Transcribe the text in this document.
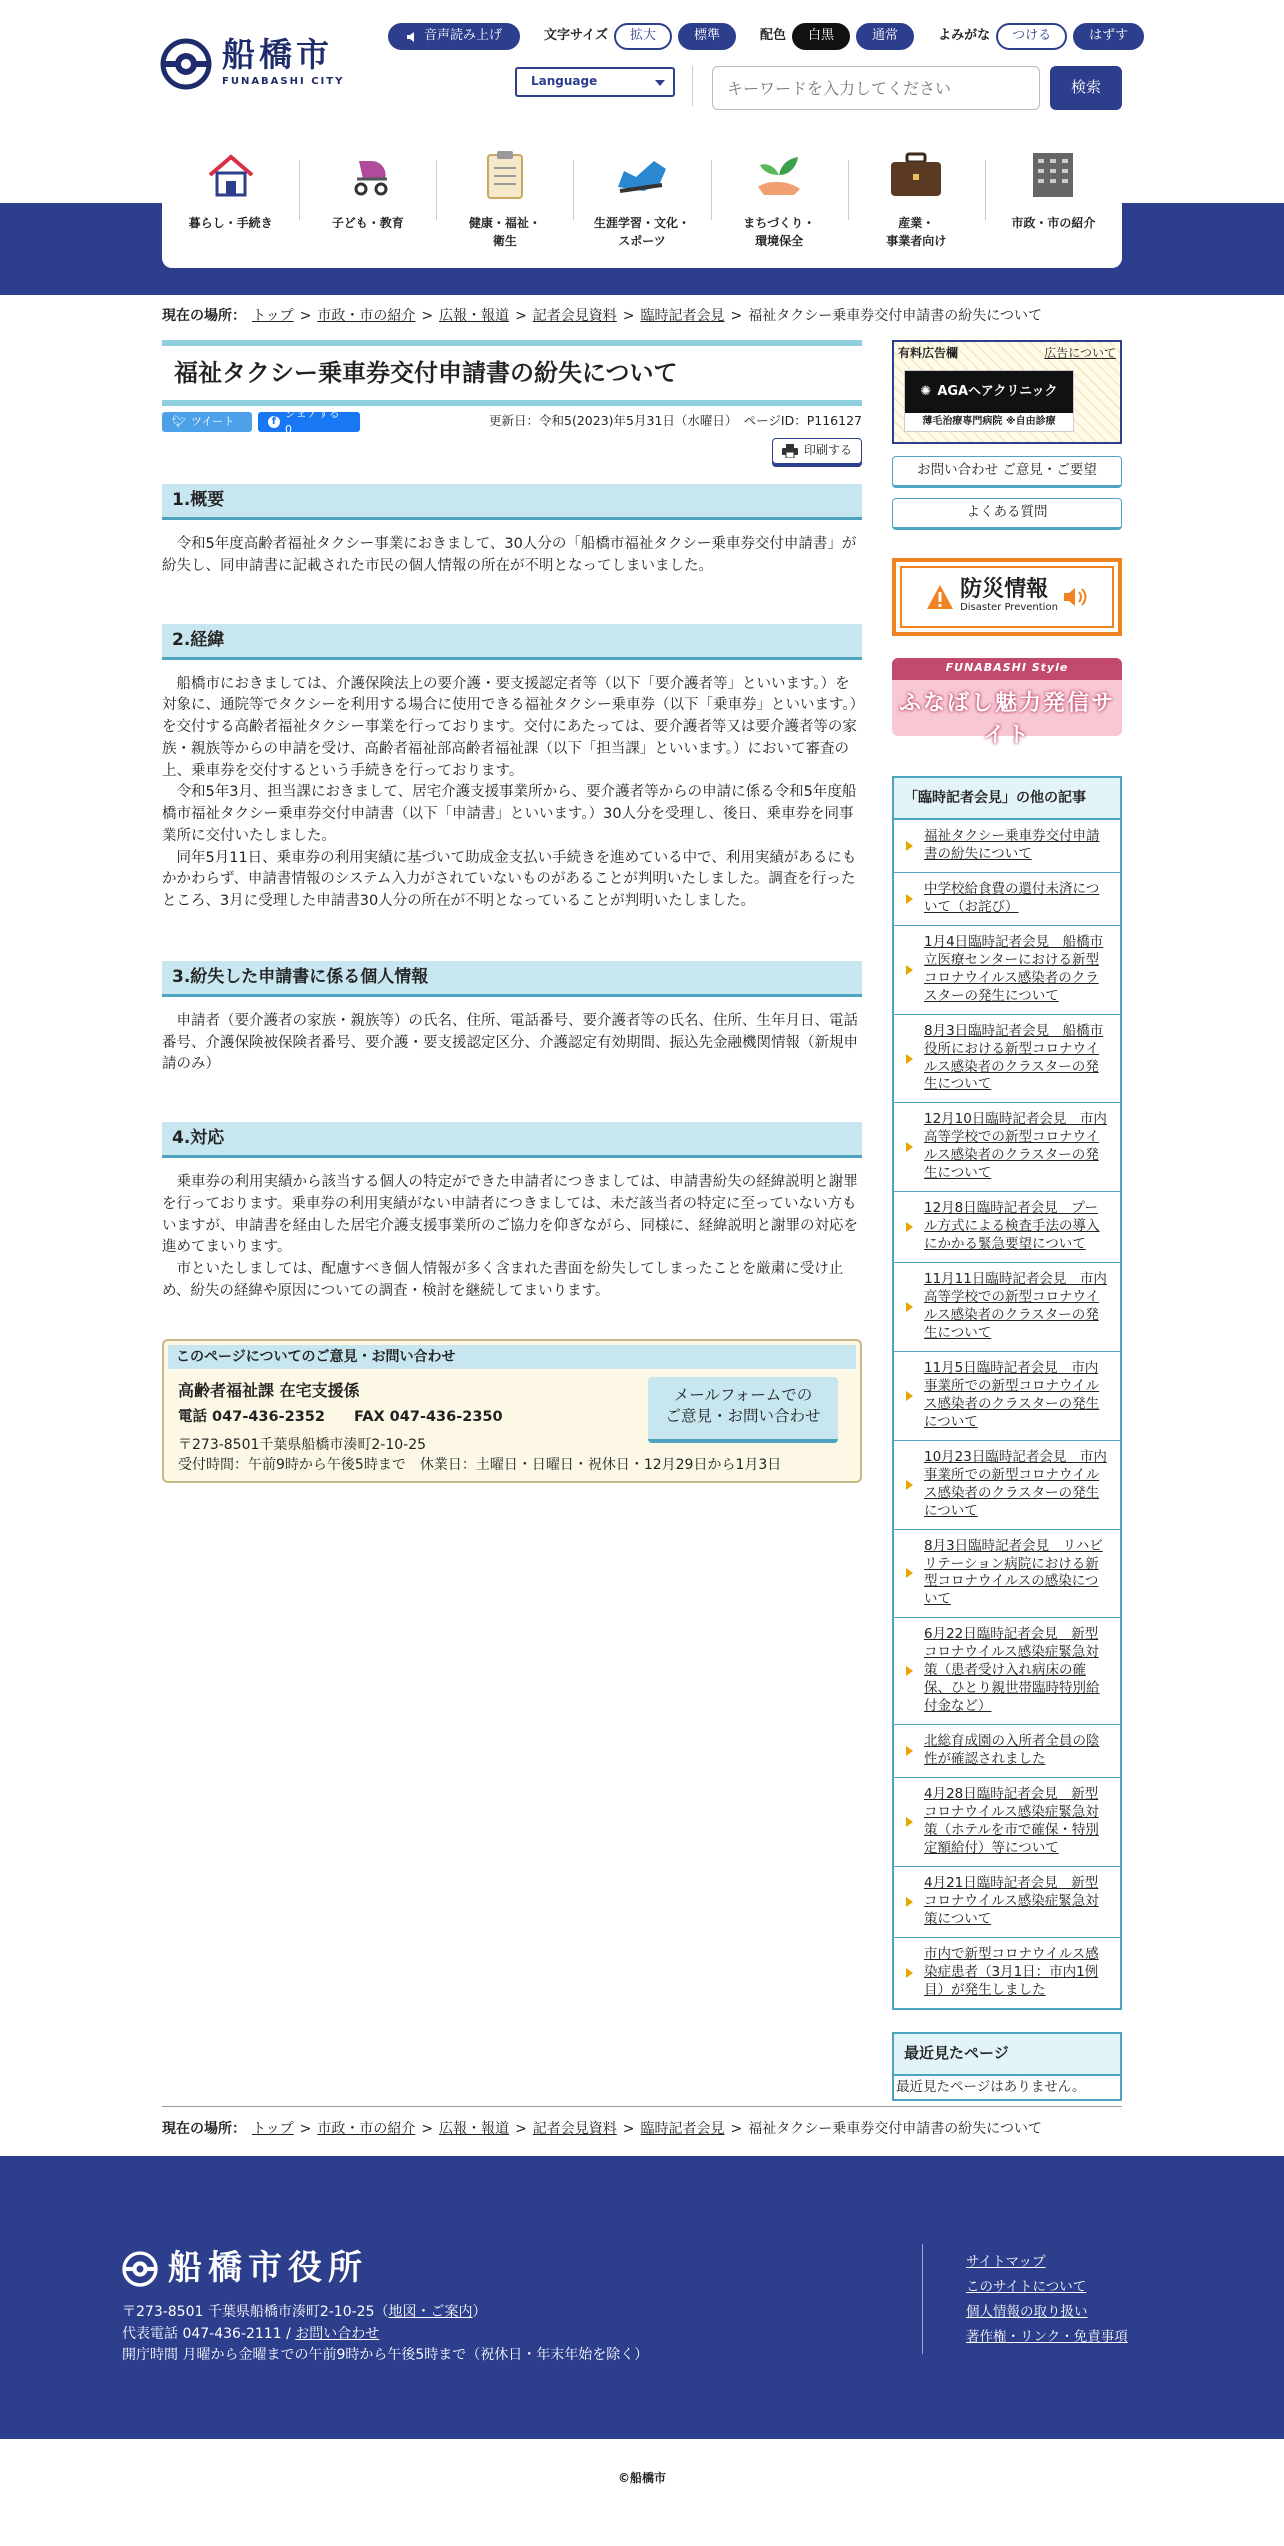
船橋市
FUNABASHI CITY
音声読み上げ	文字サイズ	拡大	標準	配色	白黒	通常	よみがな	つける	はずす
Language
キーワードを入力してください	検索
暮らし・手続き	子ども・教育	健康・福祉・
衛生
生涯学習・文化・
スポーツ
まちづくり・
環境保全
産業・
事業者向け
市政・市の紹介
現在の場所： トップ > 市政・市の紹介 > 広報・報道 > 記者会見資料 > 臨時記者会見 > 福祉タクシー乗車券交付申請書の紛失について
福祉タクシー乗車券交付申請書の紛失について
🐦︎ ツイート	f
シェアする 0
更新日：令和5(2023)年5月31日（水曜日）　 ページID：P116127
印刷する
1.概要

令和5年度高齢者福祉タクシー事業におきまして、30人分の「船橋市福祉タクシー乗車券交付申請書」が紛失し、同申請書に記載された市民の個人情報の所在が不明となってしまいました。

2.経緯

船橋市におきましては、介護保険法上の要介護・要支援認定者等（以下「要介護者等」といいます。）を対象に、通院等でタクシーを利用する場合に使用できる福祉タクシー乗車券（以下「乗車券」といいます。）を交付する高齢者福祉タクシー事業を行っております。交付にあたっては、要介護者等又は要介護者等の家族・親族等からの申請を受け、高齢者福祉部高齢者福祉課（以下「担当課」といいます。）において審査の上、乗車券を交付するという手続きを行っております。

令和5年3月、担当課におきまして、居宅介護支援事業所から、要介護者等からの申請に係る令和5年度船橋市福祉タクシー乗車券交付申請書（以下「申請書」といいます。）30人分を受理し、後日、乗車券を同事業所に交付いたしました。

同年5月11日、乗車券の利用実績に基づいて助成金支払い手続きを進めている中で、利用実績があるにもかかわらず、申請書情報のシステム入力がされていないものがあることが判明いたしました。調査を行ったところ、3月に受理した申請書30人分の所在が不明となっていることが判明いたしました。

3.紛失した申請書に係る個人情報

申請者（要介護者の家族・親族等）の氏名、住所、電話番号、要介護者等の氏名、住所、生年月日、電話番号、介護保険被保険者番号、要介護・要支援認定区分、介護認定有効期間、振込先金融機関情報（新規申請のみ）

4.対応

乗車券の利用実績から該当する個人の特定ができた申請者につきましては、申請書紛失の経緯説明と謝罪を行っております。乗車券の利用実績がない申請者につきましては、未だ該当者の特定に至っていない方もいますが、申請書を経由した居宅介護支援事業所のご協力を仰ぎながら、同様に、経緯説明と謝罪の対応を進めてまいります。

市といたしましては、配慮すべき個人情報が多く含まれた書面を紛失してしまったことを厳粛に受け止め、紛失の経緯や原因についての調査・検討を継続してまいります。

このページについてのご意見・お問い合わせ
高齢者福祉課 在宅支援係
電話 047-436-2352　　 FAX 047-436-2350
〒273-8501千葉県船橋市湊町2-10-25
受付時間：午前9時から午後5時まで　休業日：土曜日・日曜日・祝休日・12月29日から1月3日
メールフォームでの
ご意見・お問い合わせ
有料広告欄	広告について
✺ AGAヘアクリニック
薄毛治療専門病院 ※自由診療
お問い合わせ ご意見・ご要望
よくある質問
防災情報
Disaster Prevention
FUNABASHI Style
ふなばし魅力発信サイト
「臨時記者会見」の他の記事
福祉タクシー乗車券交付申請書の紛失について
中学校給食費の還付未済について（お詫び）
1月4日臨時記者会見　船橋市立医療センターにおける新型コロナウイルス感染者のクラスターの発生について
8月3日臨時記者会見　船橋市役所における新型コロナウイルス感染者のクラスターの発生について
12月10日臨時記者会見　市内高等学校での新型コロナウイルス感染者のクラスターの発生について
12月8日臨時記者会見　プール方式による検査手法の導入にかかる緊急要望について
11月11日臨時記者会見　市内高等学校での新型コロナウイルス感染者のクラスターの発生について
11月5日臨時記者会見　市内事業所での新型コロナウイルス感染者のクラスターの発生について
10月23日臨時記者会見　市内事業所での新型コロナウイルス感染者のクラスターの発生について
8月3日臨時記者会見　リハビリテーション病院における新型コロナウイルスの感染について
6月22日臨時記者会見　新型コロナウイルス感染症緊急対策（患者受け入れ病床の確保、ひとり親世帯臨時特別給付金など）
北総育成園の入所者全員の陰性が確認されました
4月28日臨時記者会見　新型コロナウイルス感染症緊急対策（ホテルを市で確保・特別定額給付）等について
4月21日臨時記者会見　新型コロナウイルス感染症緊急対策について
市内で新型コロナウイルス感染症患者（3月1日：市内1例目）が発生しました
最近見たページ
最近見たページはありません。
現在の場所： トップ > 市政・市の紹介 > 広報・報道 > 記者会見資料 > 臨時記者会見 > 福祉タクシー乗車券交付申請書の紛失について
船橋市役所
〒273-8501 千葉県船橋市湊町2-10-25（地図・ご案内）
代表電話 047-436-2111 / お問い合わせ
開庁時間 月曜から金曜までの午前9時から午後5時まで（祝休日・年末年始を除く）
サイトマップ
このサイトについて
個人情報の取り扱い
著作権・リンク・免責事項
©船橋市
